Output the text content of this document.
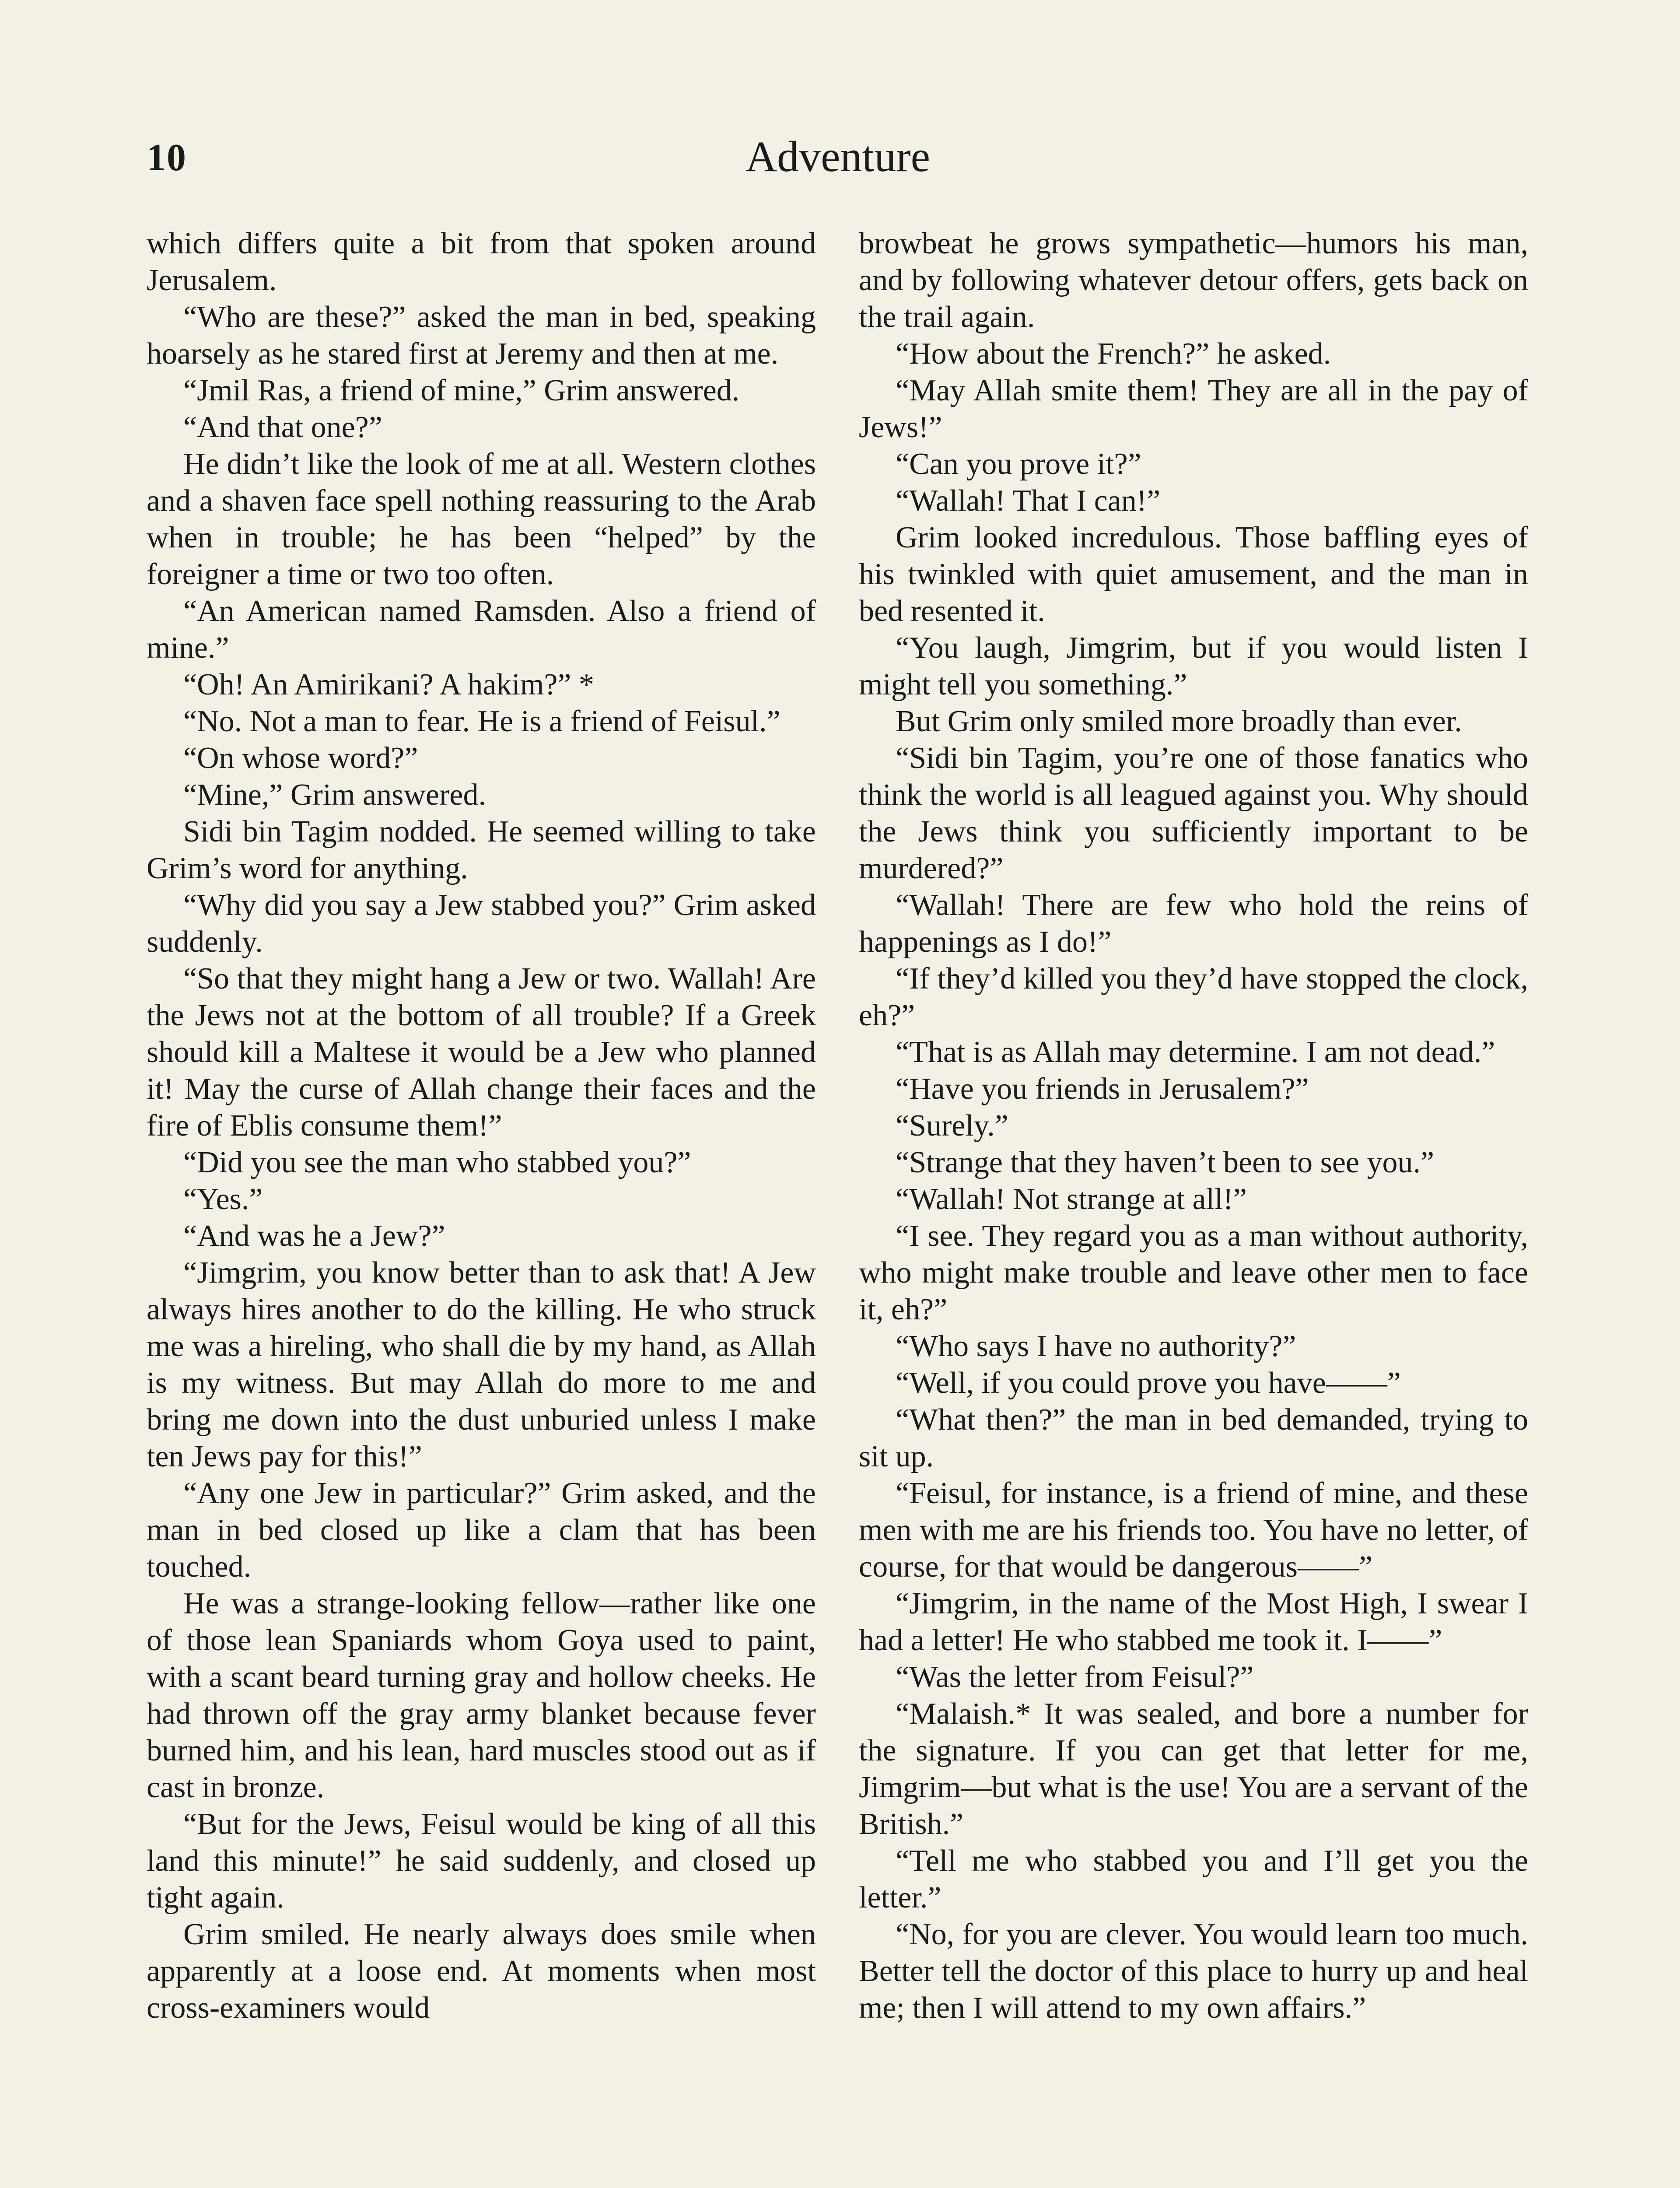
10	Adventure

which differs quite a bit from that spoken around Jerusalem.

“Who are these?” asked the man in bed, speaking hoarsely as he stared first at Jeremy and then at me.

“Jmil Ras, a friend of mine,” Grim answered.

“And that one?”

He didn’t like the look of me at all. Western clothes and a shaven face spell nothing reassuring to the Arab when in trouble; he has been “helped” by the foreigner a time or two too often.

“An American named Ramsden. Also a friend of mine.”

“Oh! An Amirikani? A hakim?” *

“No. Not a man to fear. He is a friend of Feisul.”

“On whose word?”

“Mine,” Grim answered.

Sidi bin Tagim nodded. He seemed willing to take Grim’s word for anything.

“Why did you say a Jew stabbed you?” Grim asked suddenly.

“So that they might hang a Jew or two. Wallah! Are the Jews not at the bottom of all trouble? If a Greek should kill a Maltese it would be a Jew who planned it! May the curse of Allah change their faces and the fire of Eblis consume them!”

“Did you see the man who stabbed you?”

“Yes.”

“And was he a Jew?”

“Jimgrim, you know better than to ask that! A Jew always hires another to do the killing. He who struck me was a hireling, who shall die by my hand, as Allah is my witness. But may Allah do more to me and bring me down into the dust unburied unless I make ten Jews pay for this!”

“Any one Jew in particular?” Grim asked, and the man in bed closed up like a clam that has been touched.

He was a strange-looking fellow—rather like one of those lean Spaniards whom Goya used to paint, with a scant beard turning gray and hollow cheeks. He had thrown off the gray army blanket because fever burned him, and his lean, hard muscles stood out as if cast in bronze.

“But for the Jews, Feisul would be king of all this land this minute!” he said suddenly, and closed up tight again.

Grim smiled. He nearly always does smile when apparently at a loose end. At moments when most cross-examiners would

browbeat he grows sympathetic—humors his man, and by following whatever detour offers, gets back on the trail again.

“How about the French?” he asked.

“May Allah smite them! They are all in the pay of Jews!”

“Can you prove it?”

“Wallah! That I can!”

Grim looked incredulous. Those baffling eyes of his twinkled with quiet amusement, and the man in bed resented it.

“You laugh, Jimgrim, but if you would listen I might tell you something.”

But Grim only smiled more broadly than ever.

“Sidi bin Tagim, you’re one of those fanatics who think the world is all leagued against you. Why should the Jews think you sufficiently important to be murdered?”

“Wallah! There are few who hold the reins of happenings as I do!”

“If they’d killed you they’d have stopped the clock, eh?”

“That is as Allah may determine. I am not dead.”

“Have you friends in Jerusalem?”

“Surely.”

“Strange that they haven’t been to see you.”

“Wallah! Not strange at all!”

“I see. They regard you as a man without authority, who might make trouble and leave other men to face it, eh?”

“Who says I have no authority?”

“Well, if you could prove you have——”

“What then?” the man in bed demanded, trying to sit up.

“Feisul, for instance, is a friend of mine, and these men with me are his friends too. You have no letter, of course, for that would be dangerous——”

“Jimgrim, in the name of the Most High, I swear I had a letter! He who stabbed me took it. I——”

“Was the letter from Feisul?”

“Malaish.* It was sealed, and bore a number for the signature. If you can get that letter for me, Jimgrim—but what is the use! You are a servant of the British.”

“Tell me who stabbed you and I’ll get you the letter.”

“No, for you are clever. You would learn too much. Better tell the doctor of this place to hurry up and heal me; then I will attend to my own affairs.”
